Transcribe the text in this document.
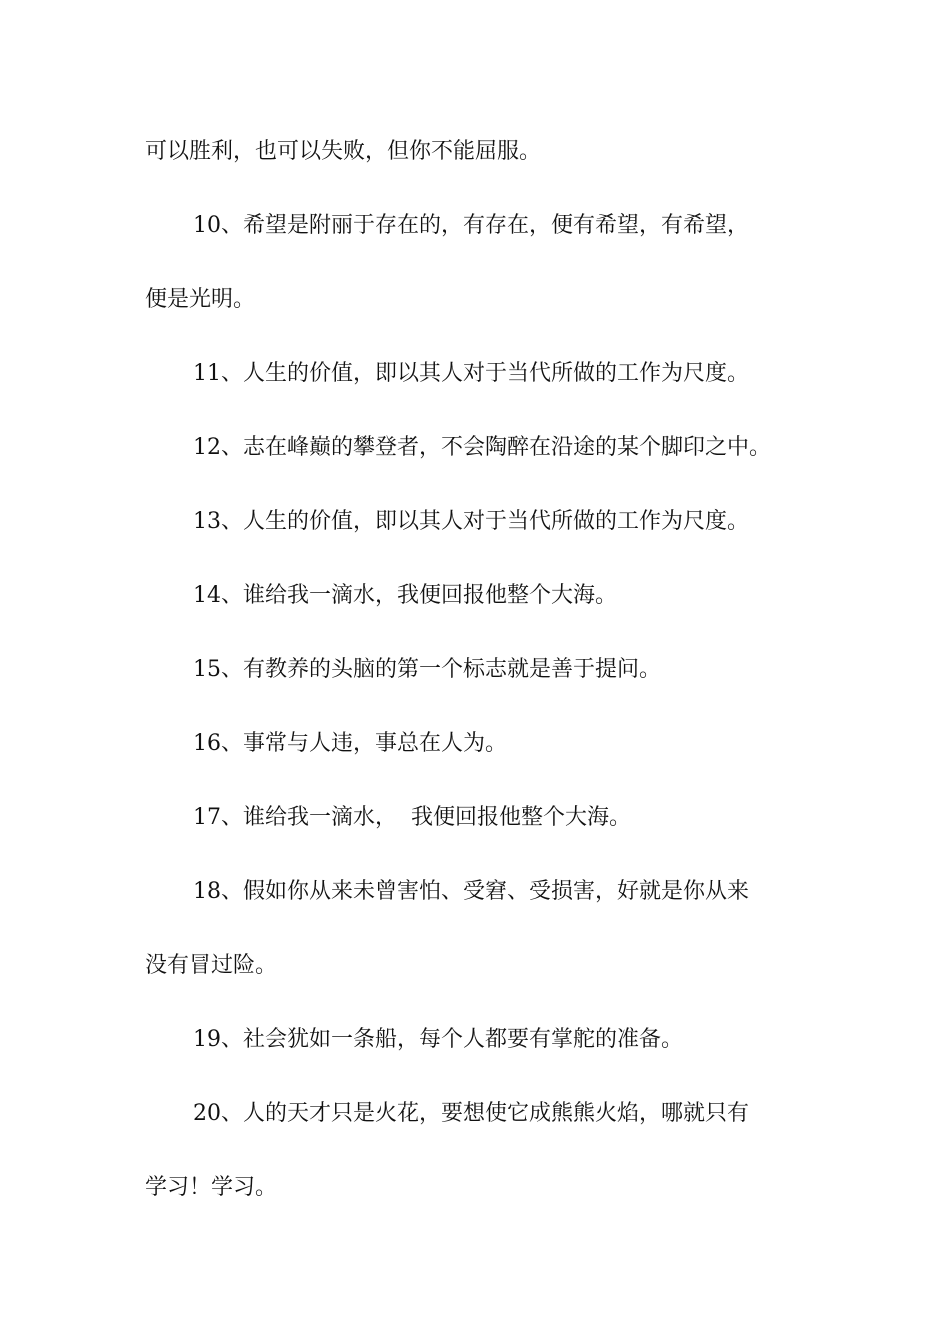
可以胜利，也可以失败，但你不能屈服。
10、希望是附丽于存在的，有存在，便有希望，有希望，
便是光明。
11、人生的价值，即以其人对于当代所做的工作为尺度。
12、志在峰巅的攀登者，不会陶醉在沿途的某个脚印之中。
13、人生的价值，即以其人对于当代所做的工作为尺度。
14、谁给我一滴水，我便回报他整个大海。
15、有教养的头脑的第一个标志就是善于提问。
16、事常与人违，事总在人为。
17、谁给我一滴水，  我便回报他整个大海。
18、假如你从来未曾害怕、受窘、受损害，好就是你从来
没有冒过险。
19、社会犹如一条船，每个人都要有掌舵的准备。
20、人的天才只是火花，要想使它成熊熊火焰，哪就只有
学习！学习。
